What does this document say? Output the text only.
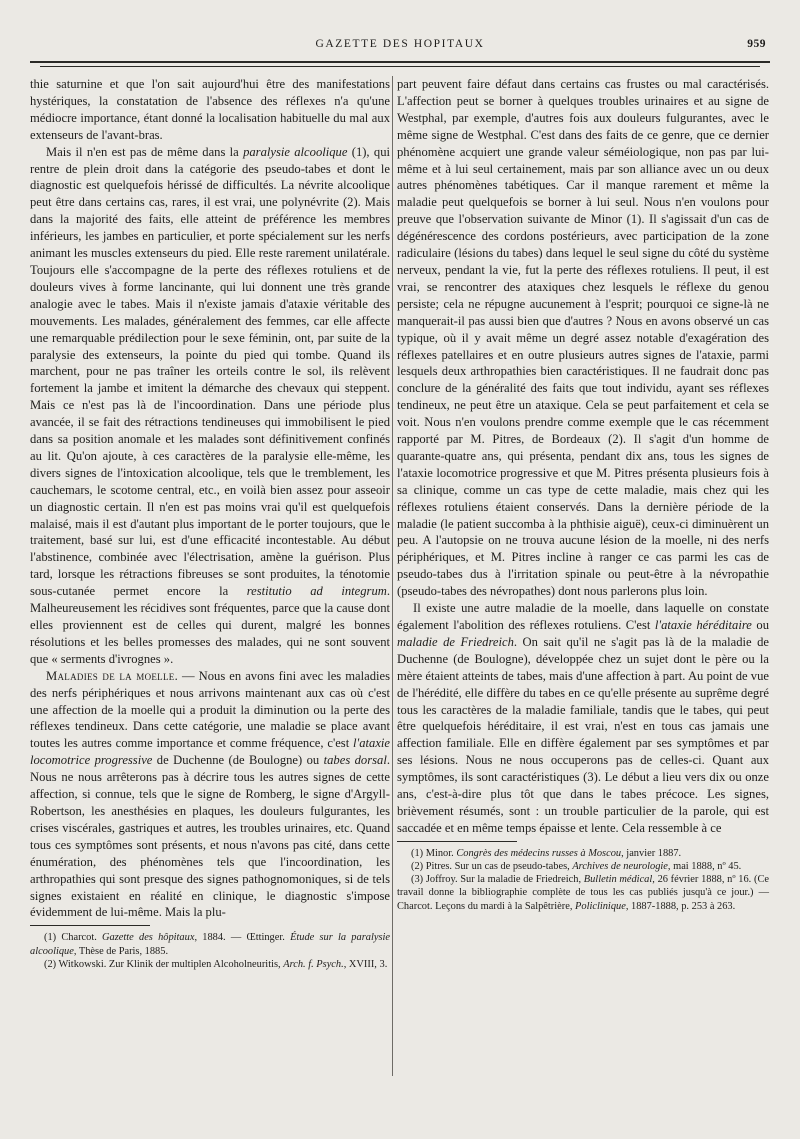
GAZETTE DES HOPITAUX	959

thie saturnine et que l'on sait aujourd'hui être des manifestations hystériques, la constatation de l'absence des réflexes n'a qu'une médiocre importance, étant donné la localisation habituelle du mal aux extenseurs de l'avant-bras.

Mais il n'en est pas de même dans la paralysie alcoolique (1), qui rentre de plein droit dans la catégorie des pseudo-tabes et dont le diagnostic est quelquefois hérissé de difficultés. La névrite alcoolique peut être dans certains cas, rares, il est vrai, une polynévrite (2). Mais dans la majorité des faits, elle atteint de préférence les membres inférieurs, les jambes en particulier, et porte spécialement sur les nerfs animant les muscles extenseurs du pied. Elle reste rarement unilatérale. Toujours elle s'accompagne de la perte des réflexes rotuliens et de douleurs vives à forme lancinante, qui lui donnent une très grande analogie avec le tabes. Mais il n'existe jamais d'ataxie véritable des mouvements. Les malades, généralement des femmes, car elle affecte une remarquable prédilection pour le sexe féminin, ont, par suite de la paralysie des extenseurs, la pointe du pied qui tombe. Quand ils marchent, pour ne pas traîner les orteils contre le sol, ils relèvent fortement la jambe et imitent la démarche des chevaux qui steppent. Mais ce n'est pas là de l'incoordination. Dans une période plus avancée, il se fait des rétractions tendineuses qui immobilisent le pied dans sa position anomale et les malades sont définitivement confinés au lit. Qu'on ajoute, à ces caractères de la paralysie elle-même, les divers signes de l'intoxication alcoolique, tels que le tremblement, les cauchemars, le scotome central, etc., en voilà bien assez pour asseoir un diagnostic certain. Il n'en est pas moins vrai qu'il est quelquefois malaisé, mais il est d'autant plus important de le porter toujours, que le traitement, basé sur lui, est d'une efficacité incontestable. Au début l'abstinence, combinée avec l'électrisation, amène la guérison. Plus tard, lorsque les rétractions fibreuses se sont produites, la ténotomie sous-cutanée permet encore la restitutio ad integrum. Malheureusement les récidives sont fréquentes, parce que la cause dont elles proviennent est de celles qui durent, malgré les bonnes résolutions et les belles promesses des malades, qui ne sont souvent que « serments d'ivrognes ».

Maladies de la moelle. — Nous en avons fini avec les maladies des nerfs périphériques et nous arrivons maintenant aux cas où c'est une affection de la moelle qui a produit la diminution ou la perte des réflexes tendineux. Dans cette catégorie, une maladie se place avant toutes les autres comme importance et comme fréquence, c'est l'ataxie locomotrice progressive de Duchenne (de Boulogne) ou tabes dorsal. Nous ne nous arrêterons pas à décrire tous les autres signes de cette affection, si connue, tels que le signe de Romberg, le signe d'Argyll-Robertson, les anesthésies en plaques, les douleurs fulgurantes, les crises viscérales, gastriques et autres, les troubles urinaires, etc. Quand tous ces symptômes sont présents, et nous n'avons pas cité, dans cette énumération, des phénomènes tels que l'incoordination, les arthropathies qui sont presque des signes pathognomoniques, si de tels signes existaient en réalité en clinique, le diagnostic s'impose évidemment de lui-même. Mais la plu-

(1) Charcot. Gazette des hôpitaux, 1884. — Œttinger. Étude sur la paralysie alcoolique, Thèse de Paris, 1885.

(2) Witkowski. Zur Klinik der multiplen Alcoholneuritis, Arch. f. Psych., XVIII, 3.

part peuvent faire défaut dans certains cas frustes ou mal caractérisés. L'affection peut se borner à quelques troubles urinaires et au signe de Westphal, par exemple, d'autres fois aux douleurs fulgurantes, avec le même signe de Westphal. C'est dans des faits de ce genre, que ce dernier phénomène acquiert une grande valeur séméiologique, non pas par lui-même et à lui seul certainement, mais par son alliance avec un ou deux autres phénomènes tabétiques. Car il manque rarement et même la maladie peut quelquefois se borner à lui seul. Nous n'en voulons pour preuve que l'observation suivante de Minor (1). Il s'agissait d'un cas de dégénérescence des cordons postérieurs, avec participation de la zone radiculaire (lésions du tabes) dans lequel le seul signe du côté du système nerveux, pendant la vie, fut la perte des réflexes rotuliens. Il peut, il est vrai, se rencontrer des ataxiques chez lesquels le réflexe du genou persiste; cela ne répugne aucunement à l'esprit; pourquoi ce signe-là ne manquerait-il pas aussi bien que d'autres ? Nous en avons observé un cas typique, où il y avait même un degré assez notable d'exagération des réflexes patellaires et en outre plusieurs autres signes de l'ataxie, parmi lesquels deux arthropathies bien caractéristiques. Il ne faudrait donc pas conclure de la généralité des faits que tout individu, ayant ses réflexes tendineux, ne peut être un ataxique. Cela se peut parfaitement et cela se voit. Nous n'en voulons prendre comme exemple que le cas récemment rapporté par M. Pitres, de Bordeaux (2). Il s'agit d'un homme de quarante-quatre ans, qui présenta, pendant dix ans, tous les signes de l'ataxie locomotrice progressive et que M. Pitres présenta plusieurs fois à sa clinique, comme un cas type de cette maladie, mais chez qui les réflexes rotuliens étaient conservés. Dans la dernière période de la maladie (le patient succomba à la phthisie aiguë), ceux-ci diminuèrent un peu. A l'autopsie on ne trouva aucune lésion de la moelle, ni des nerfs périphériques, et M. Pitres incline à ranger ce cas parmi les cas de pseudo-tabes dus à l'irritation spinale ou peut-être à la névropathie (pseudo-tabes des névropathes) dont nous parlerons plus loin.

Il existe une autre maladie de la moelle, dans laquelle on constate également l'abolition des réflexes rotuliens. C'est l'ataxie héréditaire ou maladie de Friedreich. On sait qu'il ne s'agit pas là de la maladie de Duchenne (de Boulogne), développée chez un sujet dont le père ou la mère étaient atteints de tabes, mais d'une affection à part. Au point de vue de l'hérédité, elle diffère du tabes en ce qu'elle présente au suprême degré tous les caractères de la maladie familiale, tandis que le tabes, qui peut être quelquefois héréditaire, il est vrai, n'est en tous cas jamais une affection familiale. Elle en diffère également par ses symptômes et par ses lésions. Nous ne nous occuperons pas de celles-ci. Quant aux symptômes, ils sont caractéristiques (3). Le début a lieu vers dix ou onze ans, c'est-à-dire plus tôt que dans le tabes précoce. Les signes, brièvement résumés, sont : un trouble particulier de la parole, qui est saccadée et en même temps épaisse et lente. Cela ressemble à ce

(1) Minor. Congrès des médecins russes à Moscou, janvier 1887.

(2) Pitres. Sur un cas de pseudo-tabes, Archives de neurologie, mai 1888, nº 45.

(3) Joffroy. Sur la maladie de Friedreich, Bulletin médical, 26 février 1888, nº 16. (Ce travail donne la bibliographie complète de tous les cas publiés jusqu'à ce jour.) — Charcot. Leçons du mardi à la Salpêtrière, Policlinique, 1887-1888, p. 253 à 263.
